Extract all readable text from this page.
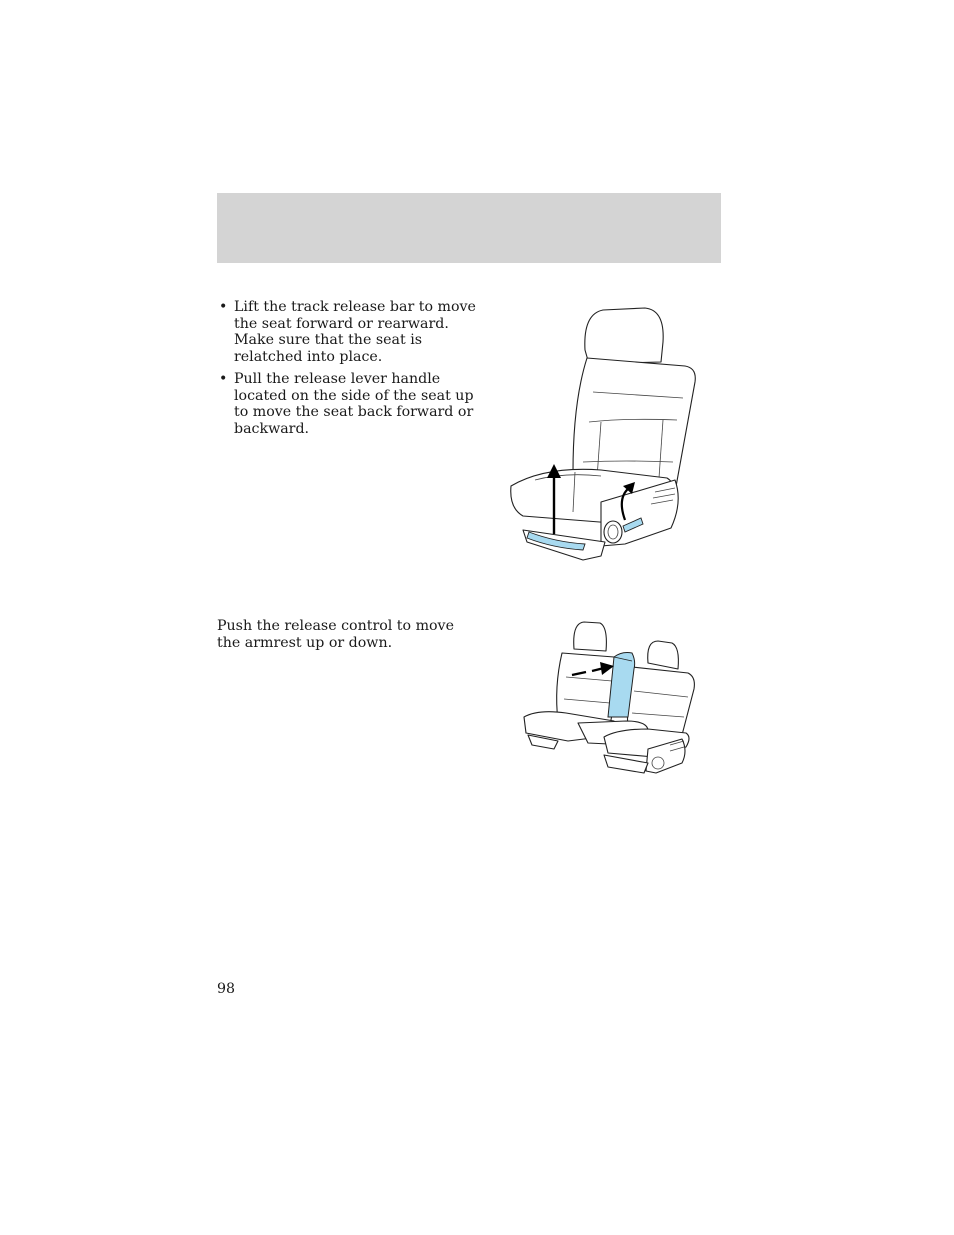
• Lift the track release bar to move the seat forward or rearward. Make sure that the seat is relatched into place.
• Pull the release lever handle located on the side of the seat up to move the seat back forward or backward.

Push the release control to move the armrest up or down.

98
